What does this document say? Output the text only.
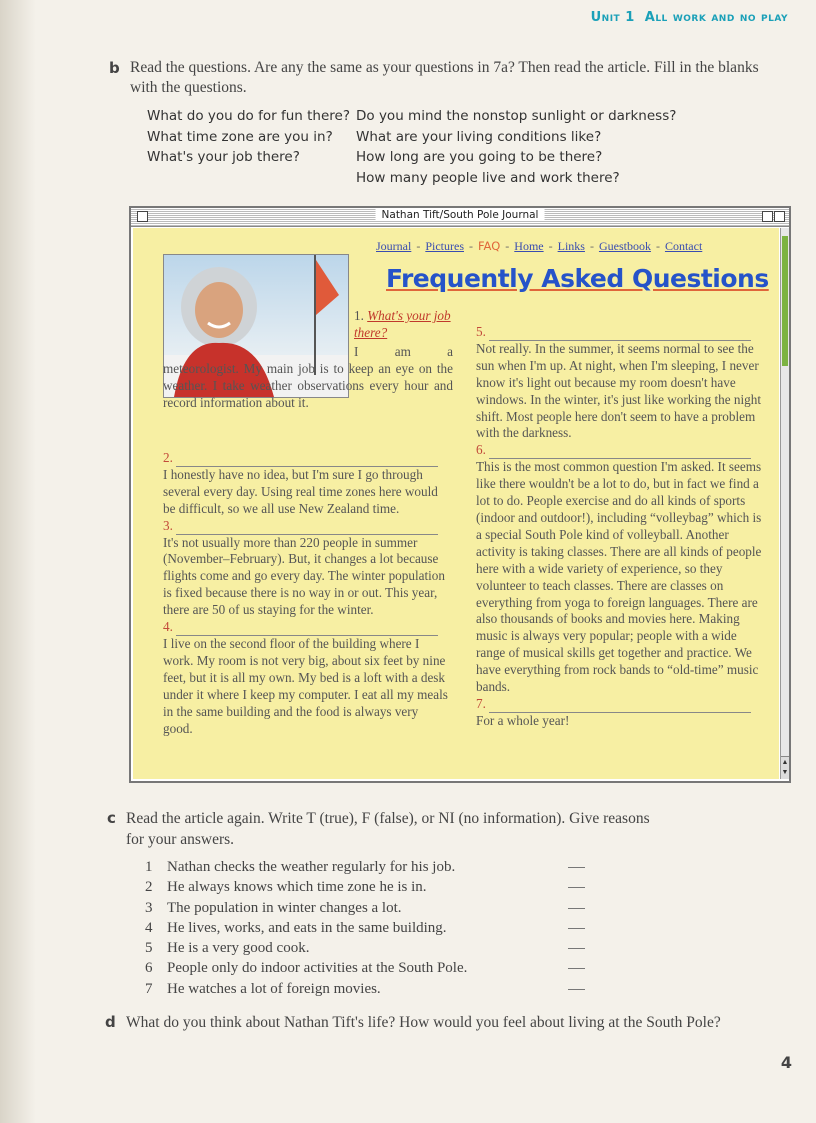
Unit 1 All work and no play
b Read the questions. Are any the same as your questions in 7a? Then read the article. Fill in the blanks with the questions.
What do you do for fun there?
What time zone are you in?
What's your job there?
Do you mind the nonstop sunlight or darkness?
What are your living conditions like?
How long are you going to be there?
How many people live and work there?
Nathan Tift/South Pole Journal
Journal - Pictures - FAQ - Home - Links - Guestbook - Contact
Frequently Asked Questions

1. What's your job there?

I am a meteorologist. My main job is to keep an eye on the weather. I take weather observations every hour and record information about it.

2.

I honestly have no idea, but I'm sure I go through several every day. Using real time zones here would be difficult, so we all use New Zealand time.

3.

It's not usually more than 220 people in summer (November–February). But, it changes a lot because flights come and go every day. The winter population is fixed because there is no way in or out. This year, there are 50 of us staying for the winter.

4.

I live on the second floor of the building where I work. My room is not very big, about six feet by nine feet, but it is all my own. My bed is a loft with a desk under it where I keep my computer. I eat all my meals in the same building and the food is always very good.

5.

Not really. In the summer, it seems normal to see the sun when I'm up. At night, when I'm sleeping, I never know it's light out because my room doesn't have windows. In the winter, it's just like working the night shift. Most people here don't seem to have a problem with the darkness.

6.

This is the most common question I'm asked. It seems like there wouldn't be a lot to do, but in fact we find a lot to do. People exercise and do all kinds of sports (indoor and outdoor!), including “volleybag” which is a special South Pole kind of volleyball. Another activity is taking classes. There are all kinds of people here with a wide variety of experience, so they volunteer to teach classes. There are classes on everything from yoga to foreign languages. There are also thousands of books and movies here. Making music is always very popular; people with a wide range of musical skills get together and practice. We have everything from rock bands to “old-time” music bands.

7.

For a whole year!

▲
▼
c Read the article again. Write T (true), F (false), or NI (no information). Give reasons
for your answers.
1 Nathan checks the weather regularly for his job.
2 He always knows which time zone he is in.
3 The population in winter changes a lot.
4 He lives, works, and eats in the same building.
5 He is a very good cook.
6 People only do indoor activities at the South Pole.
7 He watches a lot of foreign movies.
d What do you think about Nathan Tift's life? How would you feel about living at the South Pole?
4
